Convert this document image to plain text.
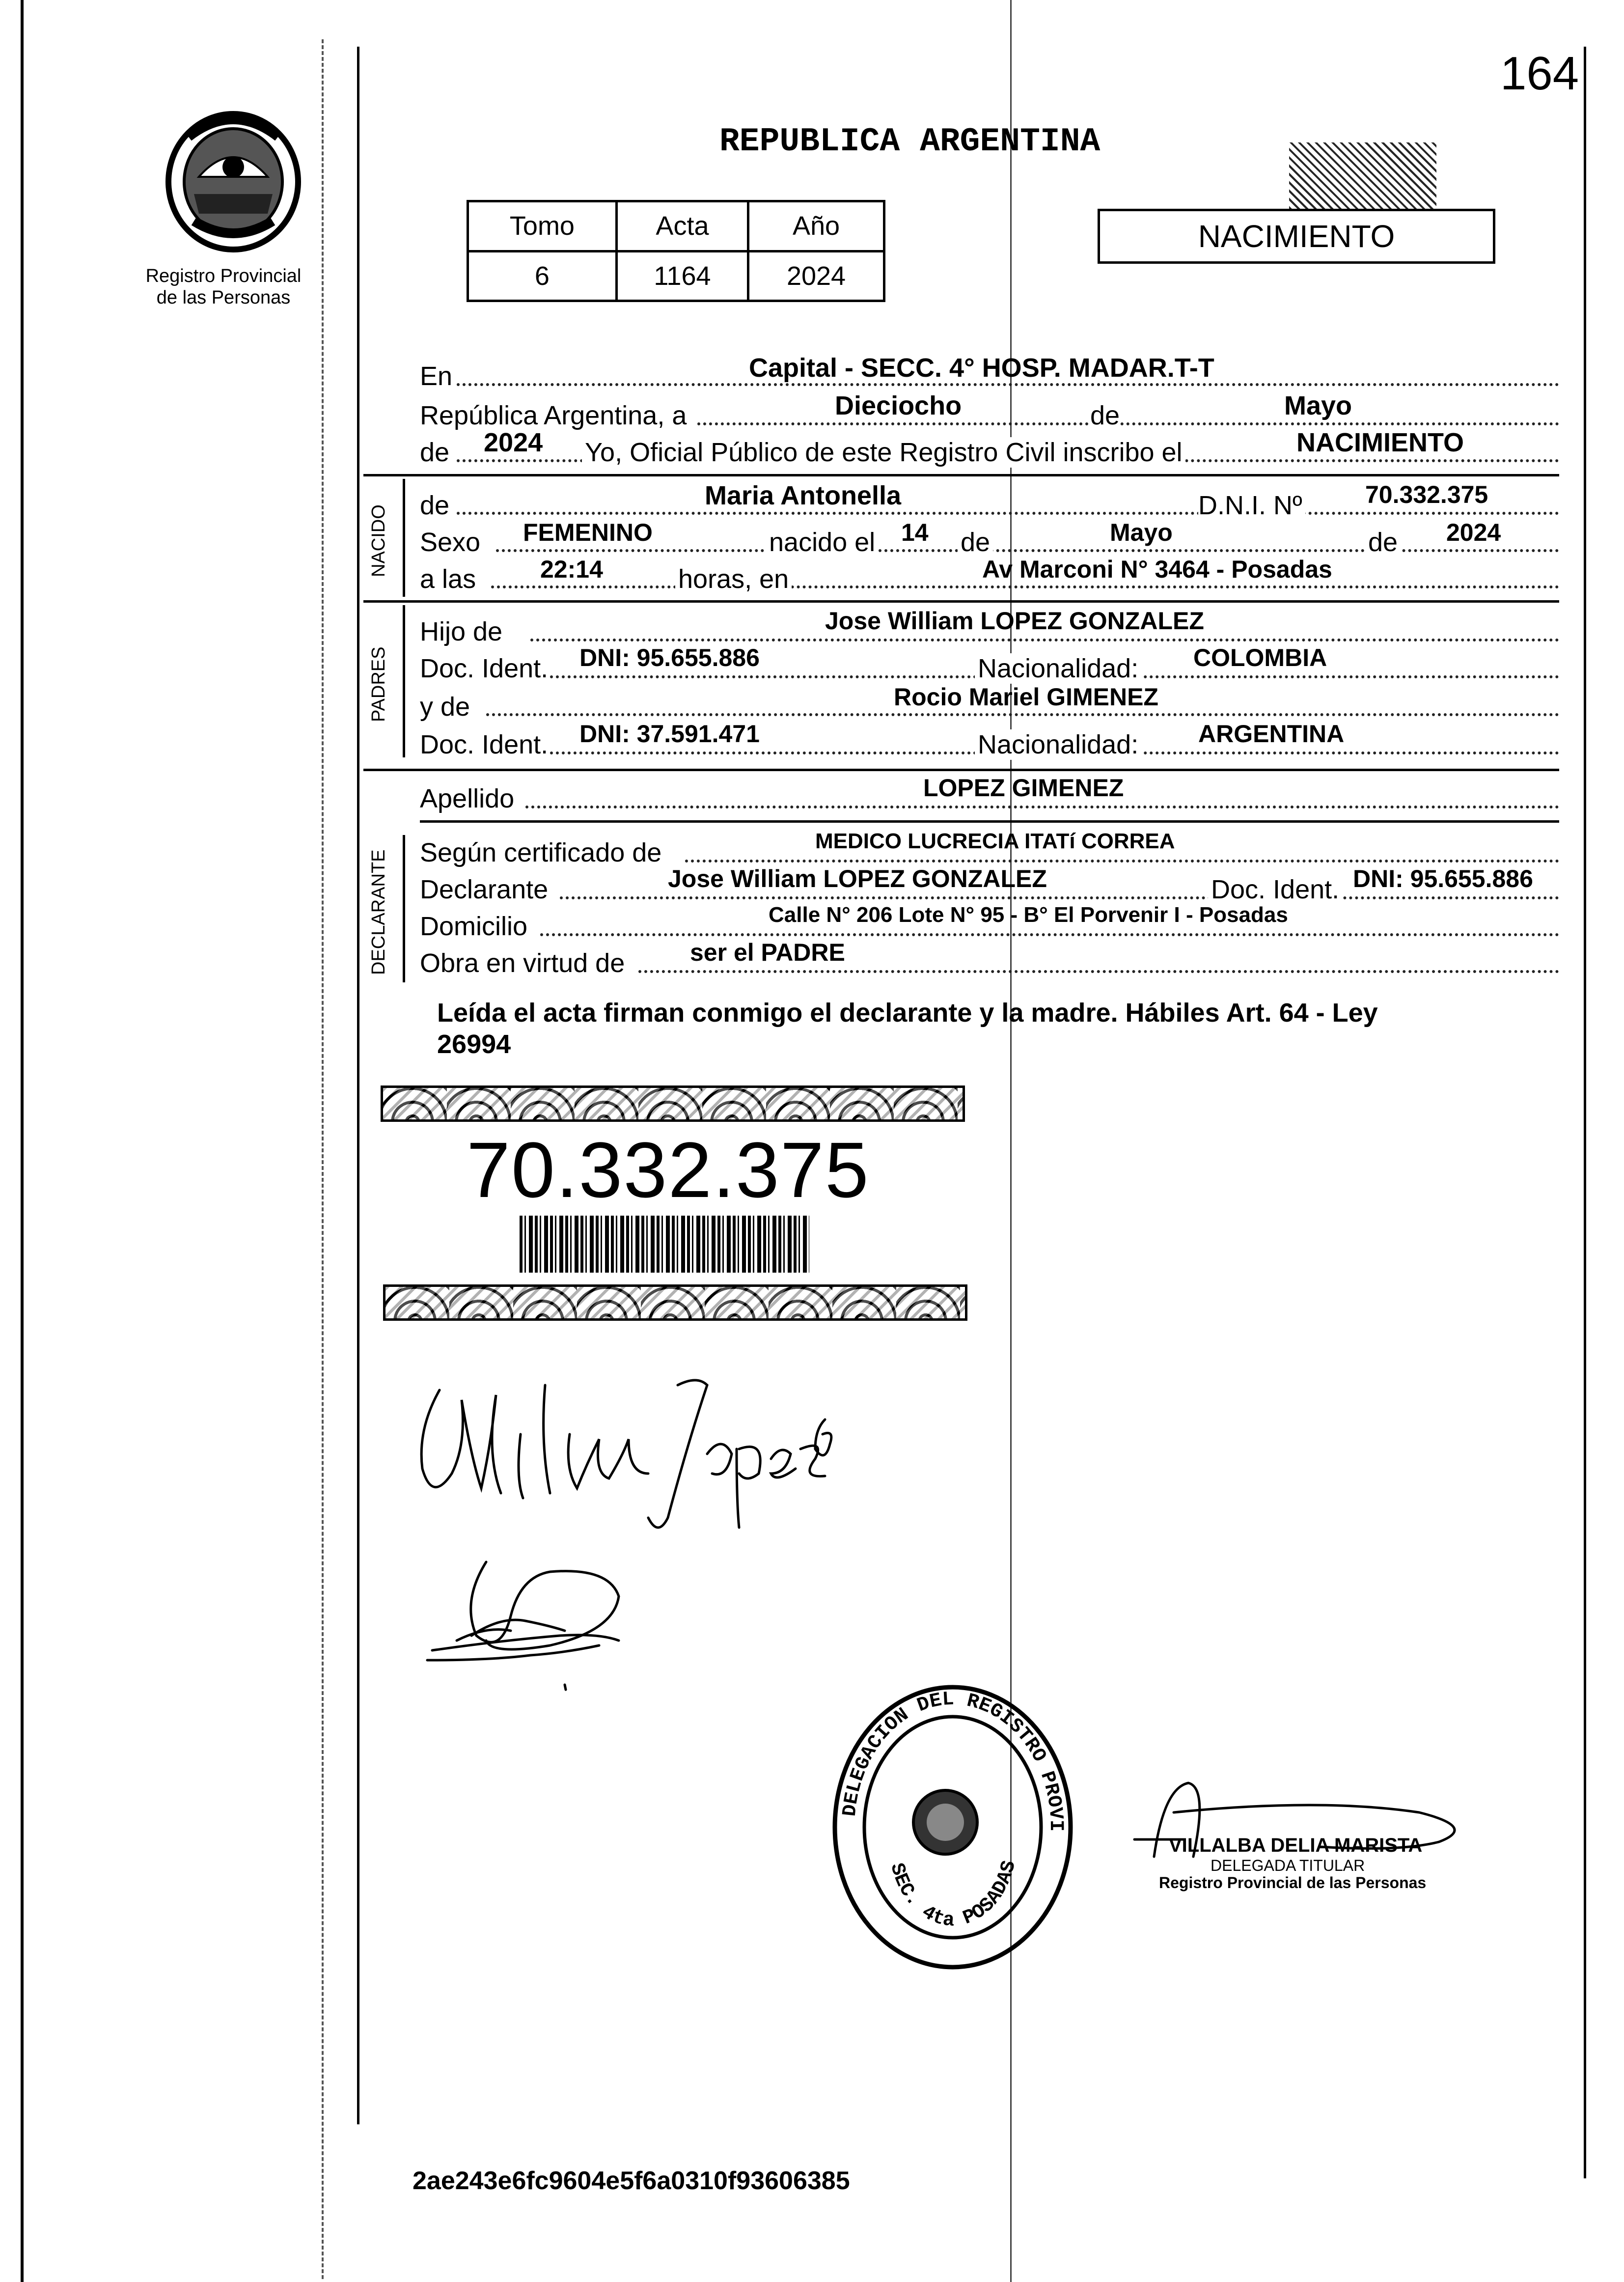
164
Registro Provincial
de las Personas
REPUBLICA ARGENTINA
Tomo	Acta	Año
6	1164	2024
NACIMIENTO
En	Capital - SECC. 4° HOSP. MADAR.T-T
República Argentina, a	Dieciocho	de	Mayo
de 2024 Yo, Oficial Público de este Registro Civil inscribo el	NACIMIENTO
NACIDO de	Maria Antonella	D.N.I. Nº	70.332.375
Sexo FEMENINO	nacido el 14 de	Mayo	de 2024
a las	22:14	horas, en	Av Marconi N° 3464 - Posadas
PADRES
Hijo de	Jose William LOPEZ GONZALEZ
Doc. Ident. DNI: 95.655.886	Nacionalidad: COLOMBIA
y de	Rocio Mariel GIMENEZ
Doc. Ident. DNI: 37.591.471	Nacionalidad: ARGENTINA
Apellido	LOPEZ GIMENEZ
DECLARANTE Según certificado de	MEDICO LUCRECIA ITATí CORREA
Declarante	Jose William LOPEZ GONZALEZ	Doc. Ident. DNI: 95.655.886
Domicilio	Calle N° 206 Lote N° 95 - B° El Porvenir I - Posadas
Obra en virtud de	ser el PADRE
Leída el acta firman conmigo el declarante y la madre. Hábiles Art. 64 - Ley
26994
70.332.375
DELEGACION DEL REGISTRO PROVI
SEC. 4ta POSADAS
VILLALBA DELIA MARISTA
DELEGADA TITULAR
Registro Provincial de las Personas
2ae243e6fc9604e5f6a0310f93606385
